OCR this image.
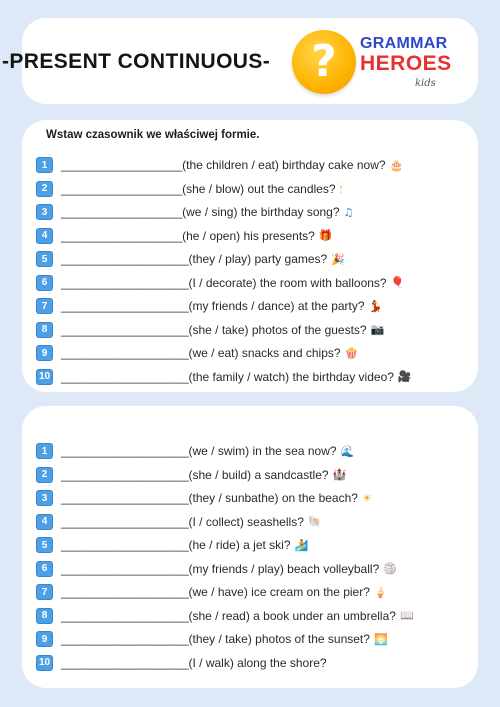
-PRESENT CONTINUOUS- ?	GRAMMAR
HEROES
kids
Wstaw czasownik we właściwej formie.
1	___________________ (the children / eat) birthday cake now? 🎂
2	___________________ (she / blow) out the candles? 🕯
3	___________________ (we / sing) the birthday song? ♫
4	___________________ (he / open) his presents? 🎁
5	____________________ (they / play) party games? 🎉
6	____________________ (I / decorate) the room with balloons? 🎈
7	____________________ (my friends / dance) at the party? 💃
8	____________________ (she / take) photos of the guests? 📷
9	____________________ (we / eat) snacks and chips? 🍿
10 ____________________ (the family / watch) the birthday video? 🎥
1	____________________ (we / swim) in the sea now? 🌊
2	____________________ (she / build) a sandcastle? 🏰
3	____________________ (they / sunbathe) on the beach? ☀
4	____________________ (I / collect) seashells? 🐚
5	____________________ (he / ride) a jet ski? 🏄
6	____________________ (my friends / play) beach volleyball? 🏐
7	____________________ (we / have) ice cream on the pier? 🍦
8	____________________ (she / read) a book under an umbrella? 📖
9	____________________ (they / take) photos of the sunset? 🌅
10 ____________________ (I / walk) along the shore?
